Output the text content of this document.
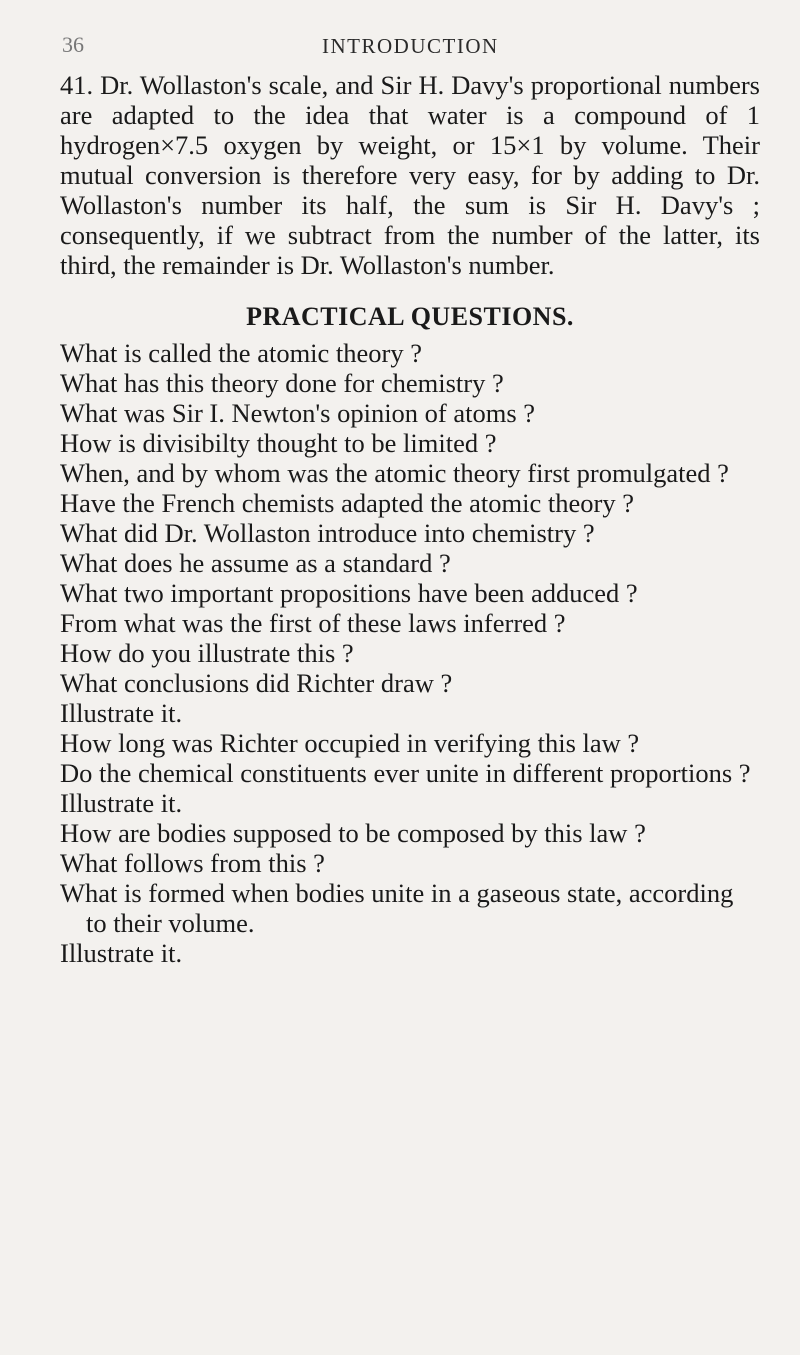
36	INTRODUCTION

41. Dr. Wollaston's scale, and Sir H. Davy's proportional numbers are adapted to the idea that water is a compound of 1 hydrogen×7.5 oxygen by weight, or 15×1 by volume. Their mutual conversion is therefore very easy, for by adding to Dr. Wollaston's number its half, the sum is Sir H. Davy's ; consequently, if we subtract from the number of the latter, its third, the remainder is Dr. Wollaston's number.

PRACTICAL QUESTIONS.
What is called the atomic theory ?
What has this theory done for chemistry ?
What was Sir I. Newton's opinion of atoms ?
How is divisibilty thought to be limited ?
When, and by whom was the atomic theory first promulgated ?
Have the French chemists adapted the atomic theory ?
What did Dr. Wollaston introduce into chemistry ?
What does he assume as a standard ?
What two important propositions have been adduced ?
From what was the first of these laws inferred ?
How do you illustrate this ?
What conclusions did Richter draw ?
Illustrate it.
How long was Richter occupied in verifying this law ?
Do the chemical constituents ever unite in different proportions ?
Illustrate it.
How are bodies supposed to be composed by this law ?
What follows from this ?
What is formed when bodies unite in a gaseous state, according to their volume.
Illustrate it.
